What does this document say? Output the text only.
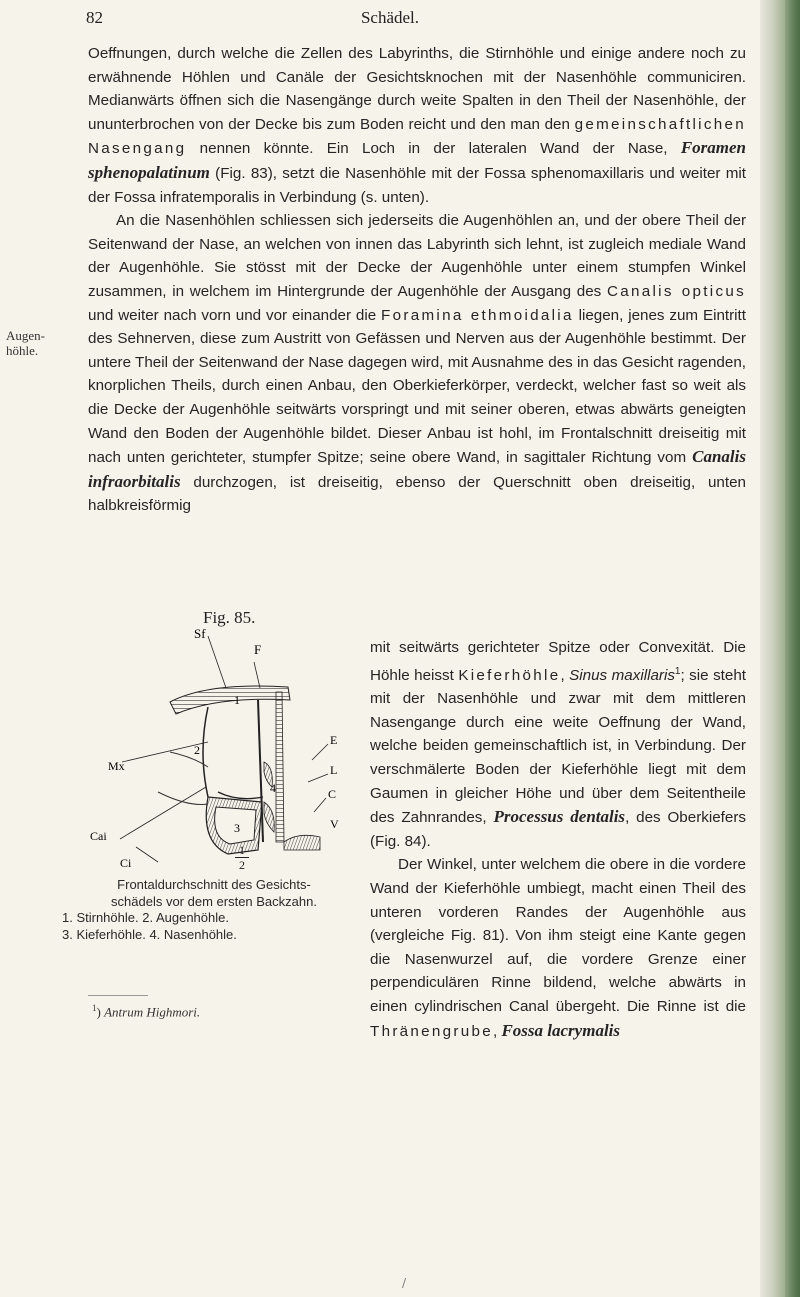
82	Schädel.
Augen-
höhle.

Oeffnungen, durch welche die Zellen des Labyrinths, die Stirnhöhle und einige andere noch zu erwähnende Höhlen und Canäle der Gesichtsknochen mit der Nasenhöhle communiciren. Medianwärts öffnen sich die Nasengänge durch weite Spalten in den Theil der Nasenhöhle, der ununterbrochen von der Decke bis zum Boden reicht und den man den gemeinschaftlichen Nasengang nennen könnte. Ein Loch in der lateralen Wand der Nase, Foramen sphenopalatinum (Fig. 83), setzt die Nasenhöhle mit der Fossa sphenomaxillaris und weiter mit der Fossa infratemporalis in Verbindung (s. unten).

An die Nasenhöhlen schliessen sich jederseits die Augenhöhlen an, und der obere Theil der Seitenwand der Nase, an welchen von innen das Labyrinth sich lehnt, ist zugleich mediale Wand der Augenhöhle. Sie stösst mit der Decke der Augenhöhle unter einem stumpfen Winkel zusammen, in welchem im Hintergrunde der Augenhöhle der Ausgang des Canalis opticus und weiter nach vorn und vor einander die Foramina ethmoidalia liegen, jenes zum Eintritt des Sehnerven, diese zum Austritt von Gefässen und Nerven aus der Augenhöhle bestimmt. Der untere Theil der Seitenwand der Nase dagegen wird, mit Ausnahme des in das Gesicht ragenden, knorplichen Theils, durch einen Anbau, den Oberkieferkörper, verdeckt, welcher fast so weit als die Decke der Augenhöhle seitwärts vorspringt und mit seiner oberen, etwas abwärts geneigten Wand den Boden der Augenhöhle bildet. Dieser Anbau ist hohl, im Frontalschnitt dreiseitig mit nach unten gerichteter, stumpfer Spitze; seine obere Wand, in sagittaler Richtung vom Canalis infraorbitalis durchzogen, ist dreiseitig, ebenso der Querschnitt oben dreiseitig, unten halbkreisförmig

Fig. 85.
Sf
F
1
2
Mx
E
L
C
Cai
3
4
V
Ci
1
2
Frontaldurchschnitt des Gesichts-
schädels vor dem ersten Backzahn.
1. Stirnhöhle. 2. Augenhöhle.
3. Kieferhöhle. 4. Nasenhöhle.

mit seitwärts gerichteter Spitze oder Convexität. Die Höhle heisst Kieferhöhle, Sinus maxillaris$^1$; sie steht mit der Nasenhöhle und zwar mit dem mittleren Nasengange durch eine weite Oeffnung der Wand, welche beiden gemeinschaftlich ist, in Verbindung. Der verschmälerte Boden der Kieferhöhle liegt mit dem Gaumen in gleicher Höhe und über dem Seitentheile des Zahnrandes, Processus dentalis, des Oberkiefers (Fig. 84).

Der Winkel, unter welchem die obere in die vordere Wand der Kieferhöhle umbiegt, macht einen Theil des unteren vorderen Randes der Augenhöhle aus (vergleiche Fig. 81). Von ihm steigt eine Kante gegen die Nasenwurzel auf, die vordere Grenze einer perpendiculären Rinne bildend, welche abwärts in einen cylindrischen Canal übergeht. Die Rinne ist die Thränengrube, Fossa lacrymalis

$^1$) Antrum Highmori.
/
